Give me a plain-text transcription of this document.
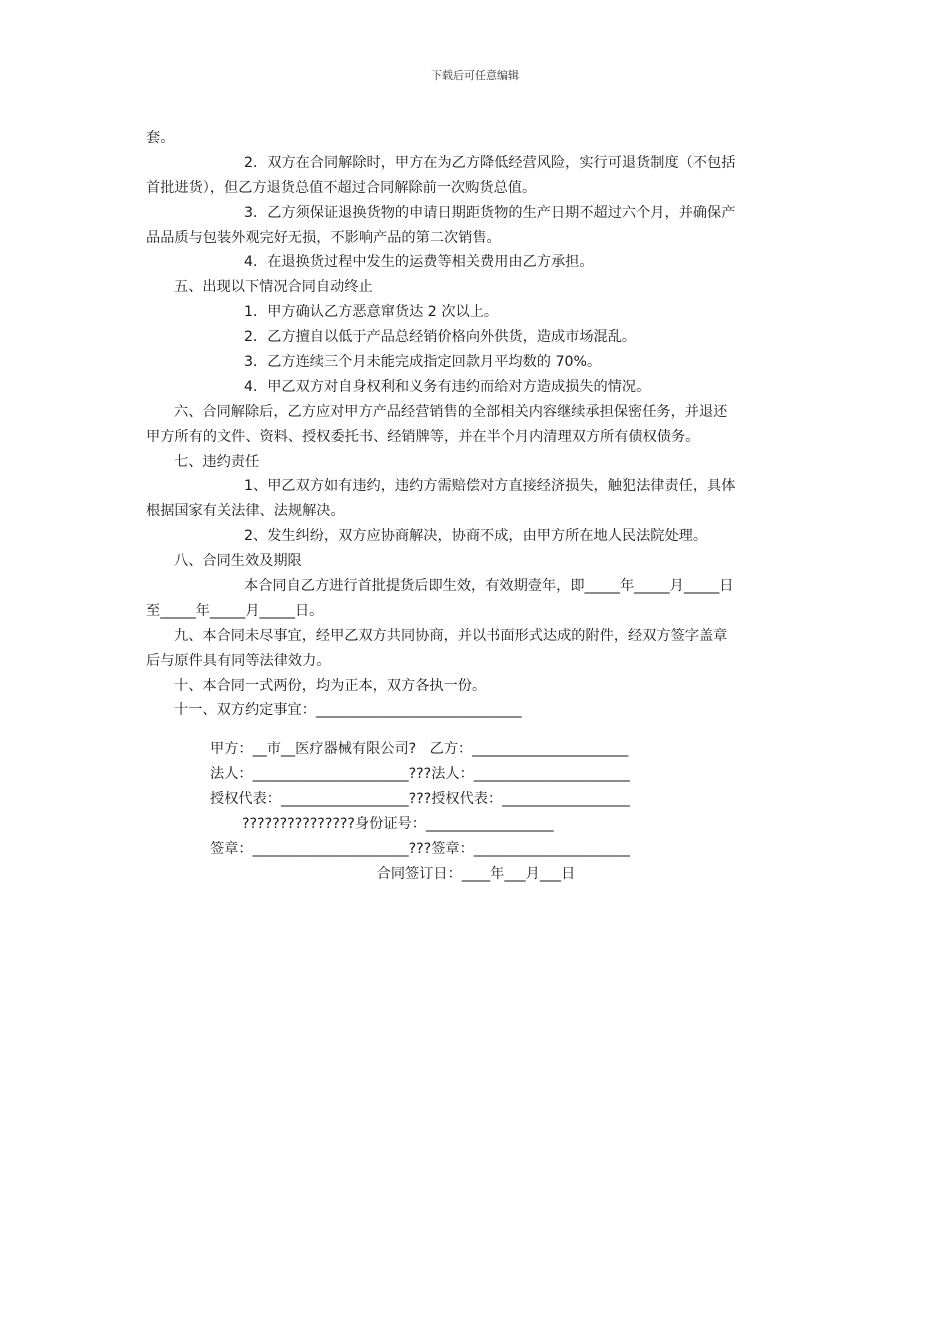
下载后可任意编辑
套。
2．双方在合同解除时，甲方在为乙方降低经营风险，实行可退货制度（不包括
首批进货），但乙方退货总值不超过合同解除前一次购货总值。
3．乙方须保证退换货物的申请日期距货物的生产日期不超过六个月，并确保产
品品质与包装外观完好无损，不影响产品的第二次销售。
4．在退换货过程中发生的运费等相关费用由乙方承担。
五、出现以下情况合同自动终止
1．甲方确认乙方恶意窜货达 2 次以上。
2．乙方擅自以低于产品总经销价格向外供货，造成市场混乱。
3．乙方连续三个月未能完成指定回款月平均数的 70%。
4．甲乙双方对自身权利和义务有违约而给对方造成损失的情况。
六、合同解除后，乙方应对甲方产品经营销售的全部相关内容继续承担保密任务，并退还
甲方所有的文件、资料、授权委托书、经销牌等，并在半个月内清理双方所有债权债务。
七、违约责任
1、甲乙双方如有违约，违约方需赔偿对方直接经济损失，触犯法律责任，具体
根据国家有关法律、法规解决。
2、发生纠纷，双方应协商解决，协商不成，由甲方所在地人民法院处理。
八、合同生效及期限
本合同自乙方进行首批提货后即生效，有效期壹年，即_____年_____月_____日
至_____年_____月_____日。
九、本合同未尽事宜，经甲乙双方共同协商，并以书面形式达成的附件，经双方签字盖章
后与原件具有同等法律效力。
十、本合同一式两份，均为正本，双方各执一份。
十一、双方约定事宜：_____________________________
甲方：__市__医疗器械有限公司?   乙方：______________________
法人：______________________???法人：______________________
授权代表：__________________???授权代表：__________________
???????????????身份证号：__________________
签章：______________________???签章：______________________
合同签订日：____年___月___日
